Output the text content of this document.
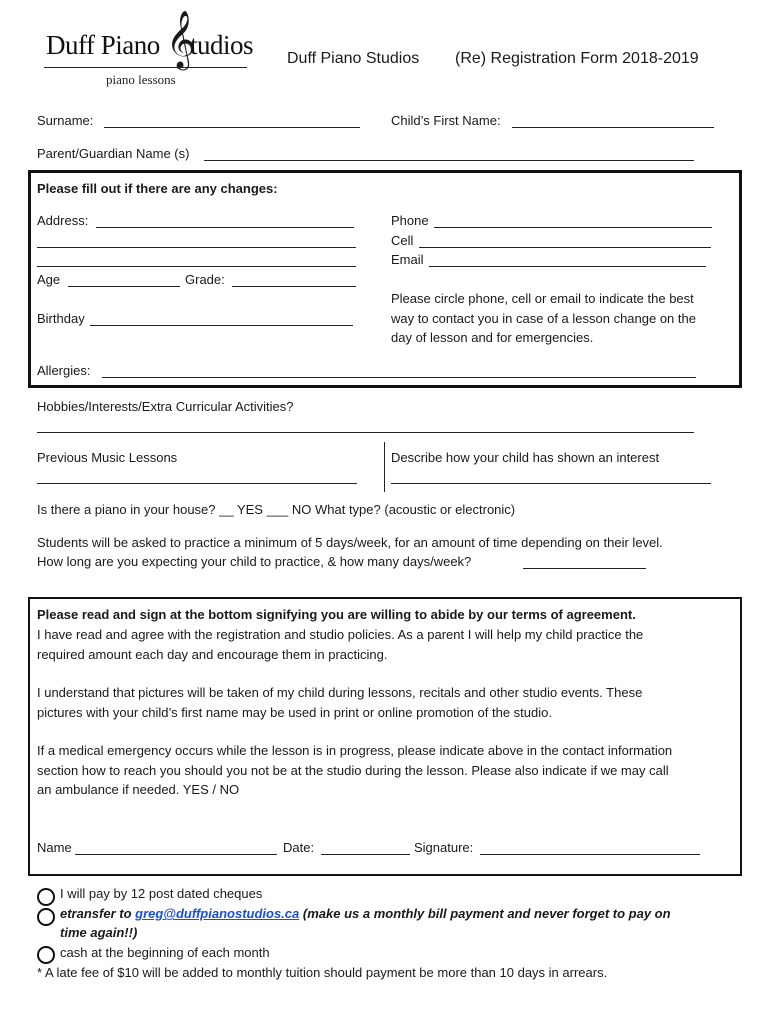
Duff Piano 𝄞
tudios
piano lessons
Duff Piano Studios (Re) Registration Form 2018-2019
Surname:	Child’s First Name:
Parent/Guardian Name (s)
Please fill out if there are any changes:
Address:
Age	Grade:
Birthday
Phone
Cell
Email
Please circle phone, cell or email to indicate the best
way to contact you in case of a lesson change on the
day of lesson and for emergencies.
Allergies:
Hobbies/Interests/Extra Curricular Activities?
Previous Music Lessons	Describe how your child has shown an interest
Is there a piano in your house? __ YES ___ NO What type? (acoustic or electronic)
Students will be asked to practice a minimum of 5 days/week, for an amount of time depending on their level.
How long are you expecting your child to practice, & how many days/week?
Please read and sign at the bottom signifying you are willing to abide by our terms of agreement.
I have read and agree with the registration and studio policies. As a parent I will help my child practice the
required amount each day and encourage them in practicing.
I understand that pictures will be taken of my child during lessons, recitals and other studio events. These
pictures with your child’s first name may be used in print or online promotion of the studio.
If a medical emergency occurs while the lesson is in progress, please indicate above in the contact information
section how to reach you should you not be at the studio during the lesson. Please also indicate if we may call
an ambulance if needed. YES / NO
Name	Date:	Signature:
I will pay by 12 post dated cheques
etransfer to greg@duffpianostudios.ca (make us a monthly bill payment and never forget to pay on
time again!!)
cash at the beginning of each month
* A late fee of $10 will be added to monthly tuition should payment be more than 10 days in arrears.
